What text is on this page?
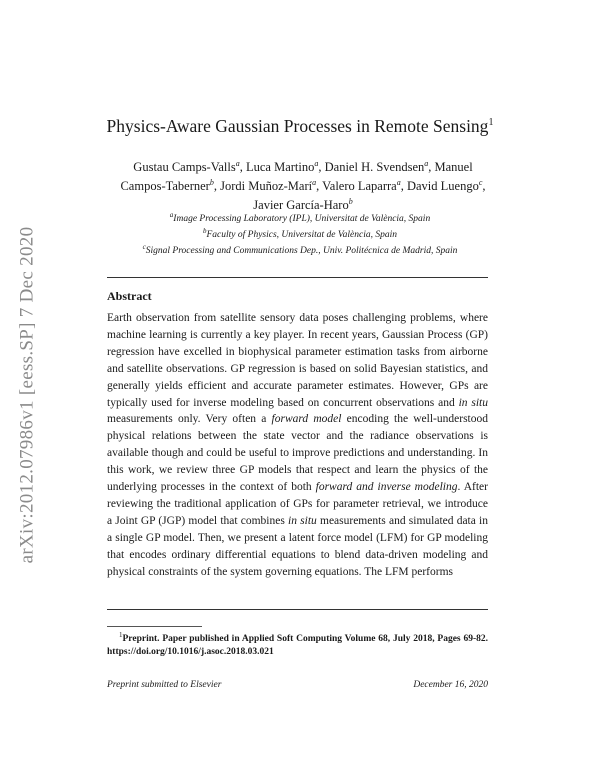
arXiv:2012.07986v1 [eess.SP] 7 Dec 2020
Physics-Aware Gaussian Processes in Remote Sensing$^1$
Gustau Camps-Valls$^a$, Luca Martino$^a$, Daniel H. Svendsen$^a$, Manuel Campos-Taberner$^b$, Jordi Muñoz-Marí$^a$, Valero Laparra$^a$, David Luengo$^c$, Javier García-Haro$^b$
$^a$Image Processing Laboratory (IPL), Universitat de València, Spain
$^b$Faculty of Physics, Universitat de València, Spain
$^c$Signal Processing and Communications Dep., Univ. Politécnica de Madrid, Spain
Abstract
Earth observation from satellite sensory data poses challenging problems, where machine learning is currently a key player. In recent years, Gaussian Process (GP) regression have excelled in biophysical parameter estimation tasks from airborne and satellite observations. GP regression is based on solid Bayesian statistics, and generally yields efficient and accurate parameter estimates. However, GPs are typically used for inverse modeling based on concurrent observations and in situ measurements only. Very often a forward model encoding the well-understood physical relations between the state vector and the radiance observations is available though and could be useful to improve predictions and understanding. In this work, we review three GP models that respect and learn the physics of the underlying processes in the context of both forward and inverse modeling. After reviewing the traditional application of GPs for parameter retrieval, we introduce a Joint GP (JGP) model that combines in situ measurements and simulated data in a single GP model. Then, we present a latent force model (LFM) for GP modeling that encodes ordinary differential equations to blend data-driven modeling and physical constraints of the system governing equations. The LFM performs
$^1$Preprint. Paper published in Applied Soft Computing Volume 68, July 2018, Pages 69-82. https://doi.org/10.1016/j.asoc.2018.03.021
Preprint submitted to Elsevier	December 16, 2020
